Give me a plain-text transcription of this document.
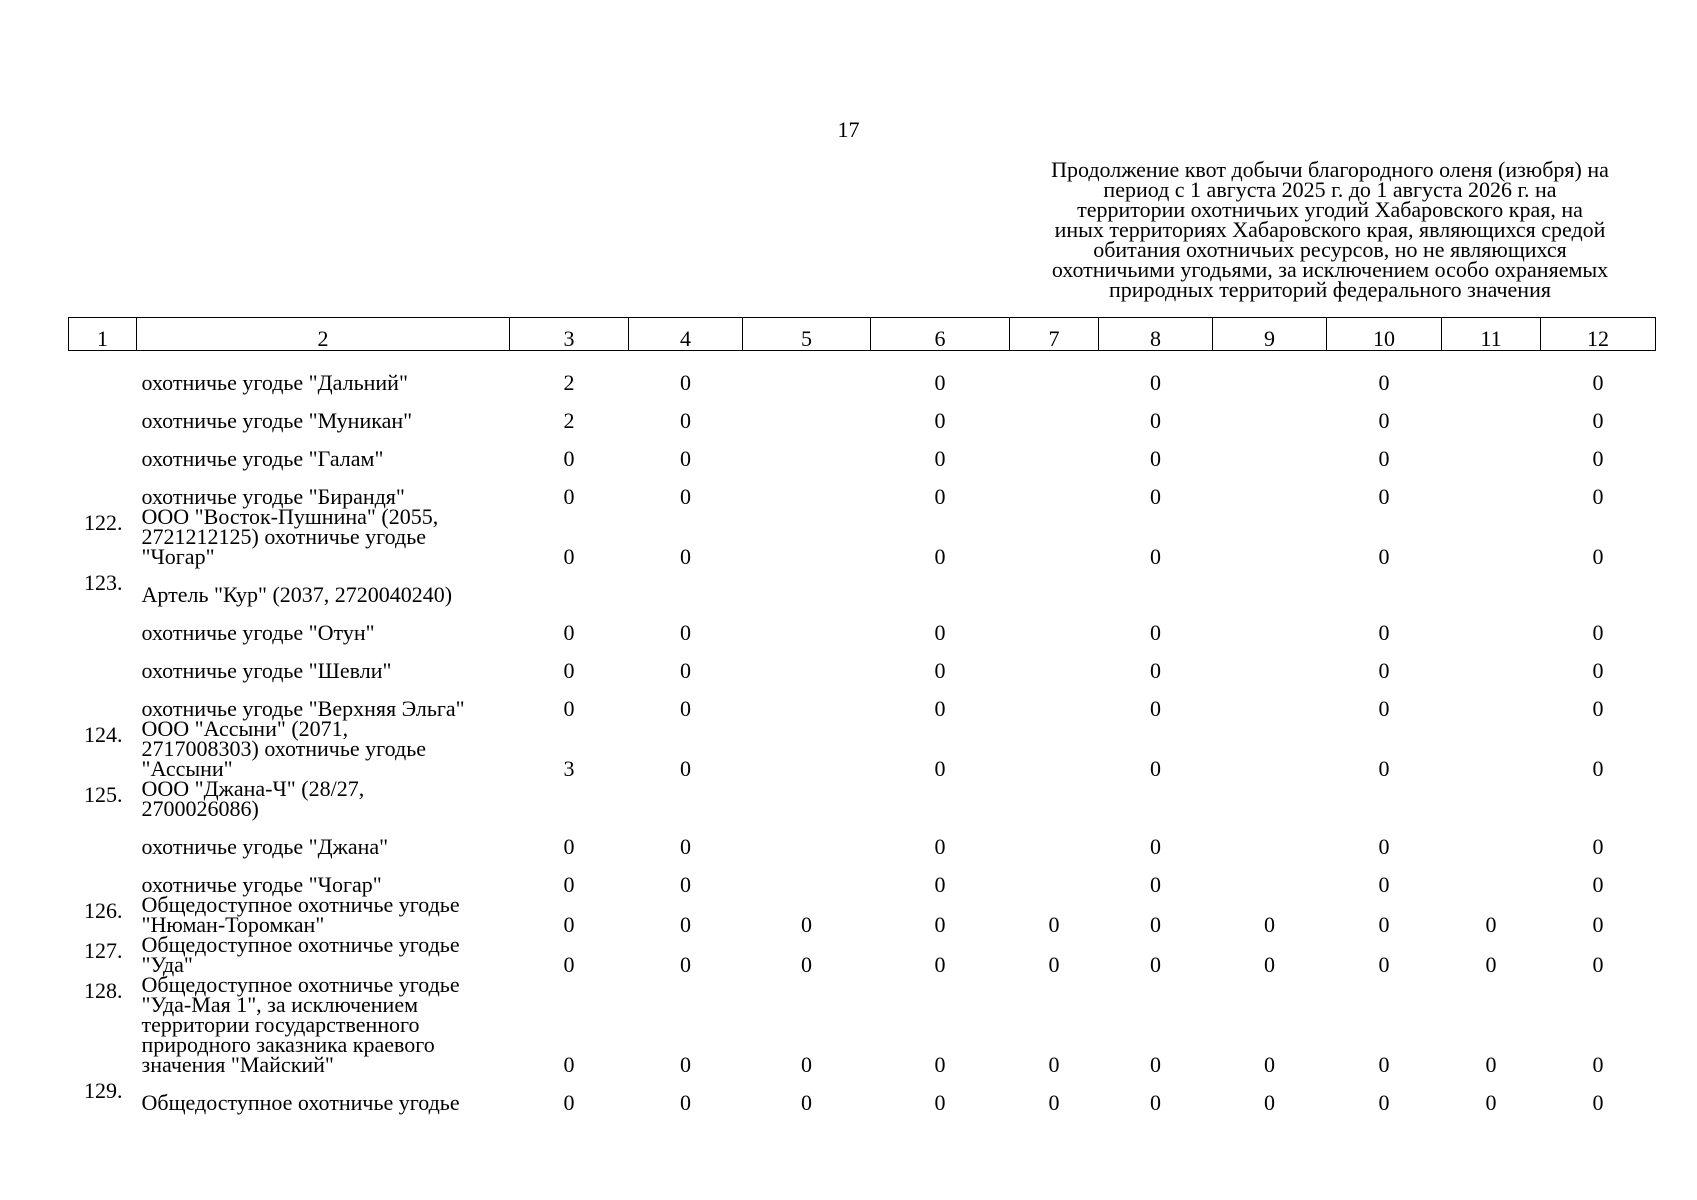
17
Продолжение квот добычи благородного оленя (изюбря) на
период с 1 августа 2025 г. до 1 августа 2026 г. на
территории охотничьих угодий Хабаровского края, на
иных территориях Хабаровского края, являющихся средой
обитания охотничьих ресурсов, но не являющихся
охотничьими угодьями, за исключением особо охраняемых
природных территорий федерального значения
1	2	3	4	5	6	7	8	9	10	11	12

	охотничье угодье "Дальний"	2	0		0		0		0		0

	охотничье угодье "Муникан"	2	0		0		0		0		0

	охотничье угодье "Галам"	0	0		0		0		0		0

	охотничье угодье "Бирандя"	0	0		0		0		0		0
122.	ООО "Восток-Пушнина" (2055,
2721212125) охотничье угодье
"Чогар"	0	0		0		0		0		0
123.	Артель "Кур" (2037, 2720040240)										

	охотничье угодье "Отун"	0	0		0		0		0		0

	охотничье угодье "Шевли"	0	0		0		0		0		0

	охотничье угодье "Верхняя Эльга"	0	0		0		0		0		0
124.	ООО "Ассыни" (2071,
2717008303) охотничье угодье
"Ассыни"	3	0		0		0		0		0
125.	ООО "Джана-Ч" (28/27,
2700026086)										

	охотничье угодье "Джана"	0	0		0		0		0		0

	охотничье угодье "Чогар"	0	0		0		0		0		0
126.	Общедоступное охотничье угодье
"Нюман-Торомкан"	0	0	0	0	0	0	0	0	0	0
127.	Общедоступное охотничье угодье
"Уда"	0	0	0	0	0	0	0	0	0	0
128.	Общедоступное охотничье угодье
"Уда-Мая 1", за исключением
территории государственного
природного заказника краевого
значения "Майский"	0	0	0	0	0	0	0	0	0	0
129.	Общедоступное охотничье угодье	0	0	0	0	0	0	0	0	0	0
